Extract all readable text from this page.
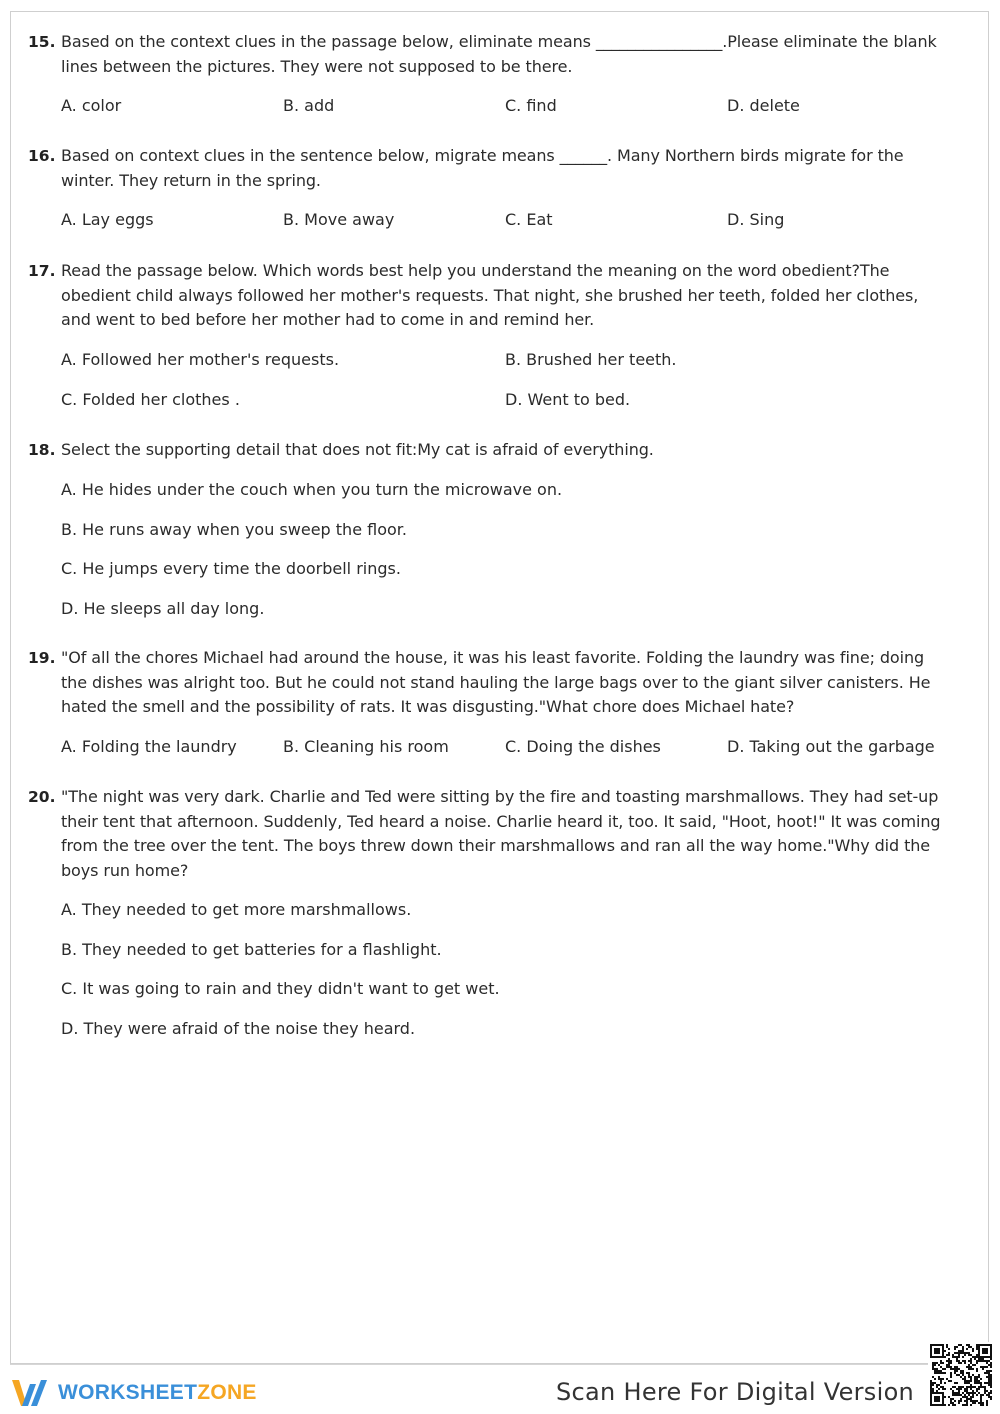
15. Based on the context clues in the passage below, eliminate means ________________.Please eliminate the blank lines between the pictures. They were not supposed to be there.
A. color	B. add	C. find	D. delete
16. Based on context clues in the sentence below, migrate means ______. Many Northern birds migrate for the winter. They return in the spring.
A. Lay eggs	B. Move away	C. Eat	D. Sing
17. Read the passage below. Which words best help you understand the meaning on the word obedient?The obedient child always followed her mother's requests. That night, she brushed her teeth, folded her clothes, and went to bed before her mother had to come in and remind her.
A. Followed her mother's requests.	B. Brushed her teeth.
C. Folded her clothes .	D. Went to bed.
18. Select the supporting detail that does not fit:My cat is afraid of everything.
A. He hides under the couch when you turn the microwave on.
B. He runs away when you sweep the floor.
C. He jumps every time the doorbell rings.
D. He sleeps all day long.
19. "Of all the chores Michael had around the house, it was his least favorite. Folding the laundry was fine; doing the dishes was alright too. But he could not stand hauling the large bags over to the giant silver canisters. He hated the smell and the possibility of rats. It was disgusting."What chore does Michael hate?
A. Folding the laundry	B. Cleaning his room	C. Doing the dishes	D. Taking out the garbage
20. "The night was very dark. Charlie and Ted were sitting by the fire and toasting marshmallows. They had set-up their tent that afternoon. Suddenly, Ted heard a noise. Charlie heard it, too. It said, "Hoot, hoot!" It was coming from the tree over the tent. The boys threw down their marshmallows and ran all the way home."Why did the boys run home?
A. They needed to get more marshmallows.
B. They needed to get batteries for a flashlight.
C. It was going to rain and they didn't want to get wet.
D. They were afraid of the noise they heard.
WORKSHEETZONE	Scan Here For Digital Version
